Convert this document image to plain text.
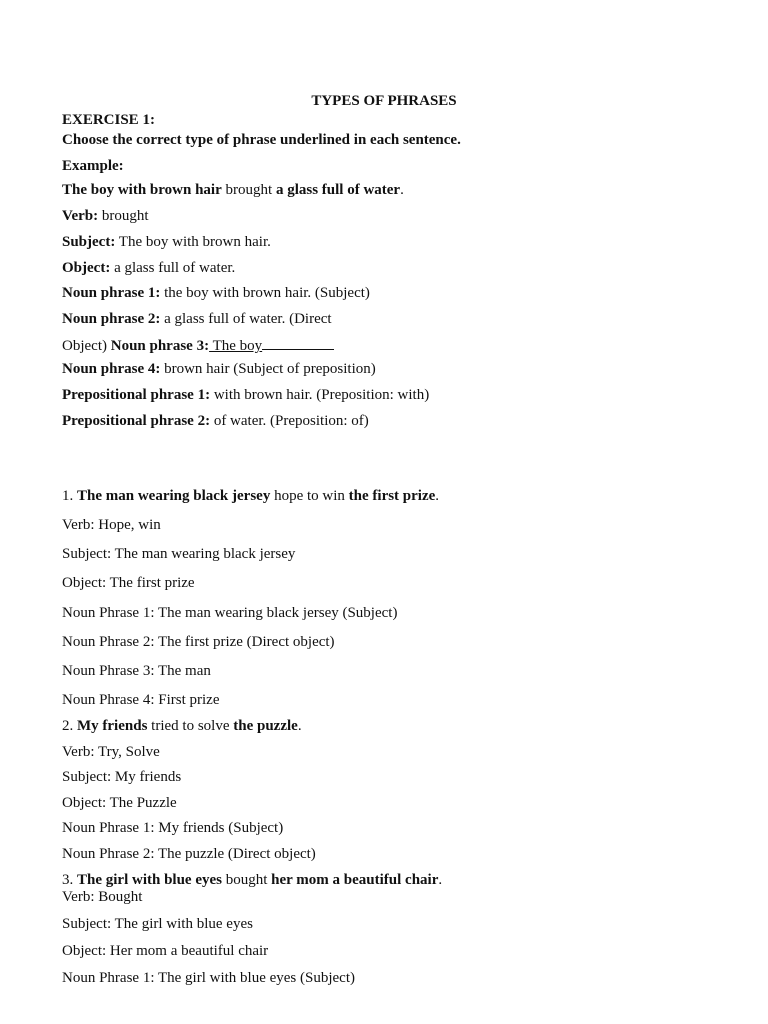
TYPES OF PHRASES
EXERCISE 1:
Choose the correct type of phrase underlined in each sentence.
Example:
The boy with brown hair brought a glass full of water.
Verb: brought
Subject: The boy with brown hair.
Object: a glass full of water.
Noun phrase 1: the boy with brown hair. (Subject)
Noun phrase 2: a glass full of water. (Direct
Object) Noun phrase 3: The boy
Noun phrase 4: brown hair (Subject of preposition)
Prepositional phrase 1: with brown hair. (Preposition: with)
Prepositional phrase 2: of water. (Preposition: of)
1. The man wearing black jersey hope to win the first prize.
Verb: Hope, win
Subject: The man wearing black jersey
Object: The first prize
Noun Phrase 1: The man wearing black jersey (Subject)
Noun Phrase 2: The first prize (Direct object)
Noun Phrase 3: The man
Noun Phrase 4: First prize
2. My friends tried to solve the puzzle.
Verb: Try, Solve
Subject: My friends
Object: The Puzzle
Noun Phrase 1: My friends (Subject)
Noun Phrase 2: The puzzle (Direct object)
3. The girl with blue eyes bought her mom a beautiful chair.
Verb: Bought
Subject: The girl with blue eyes
Object: Her mom a beautiful chair
Noun Phrase 1: The girl with blue eyes (Subject)
